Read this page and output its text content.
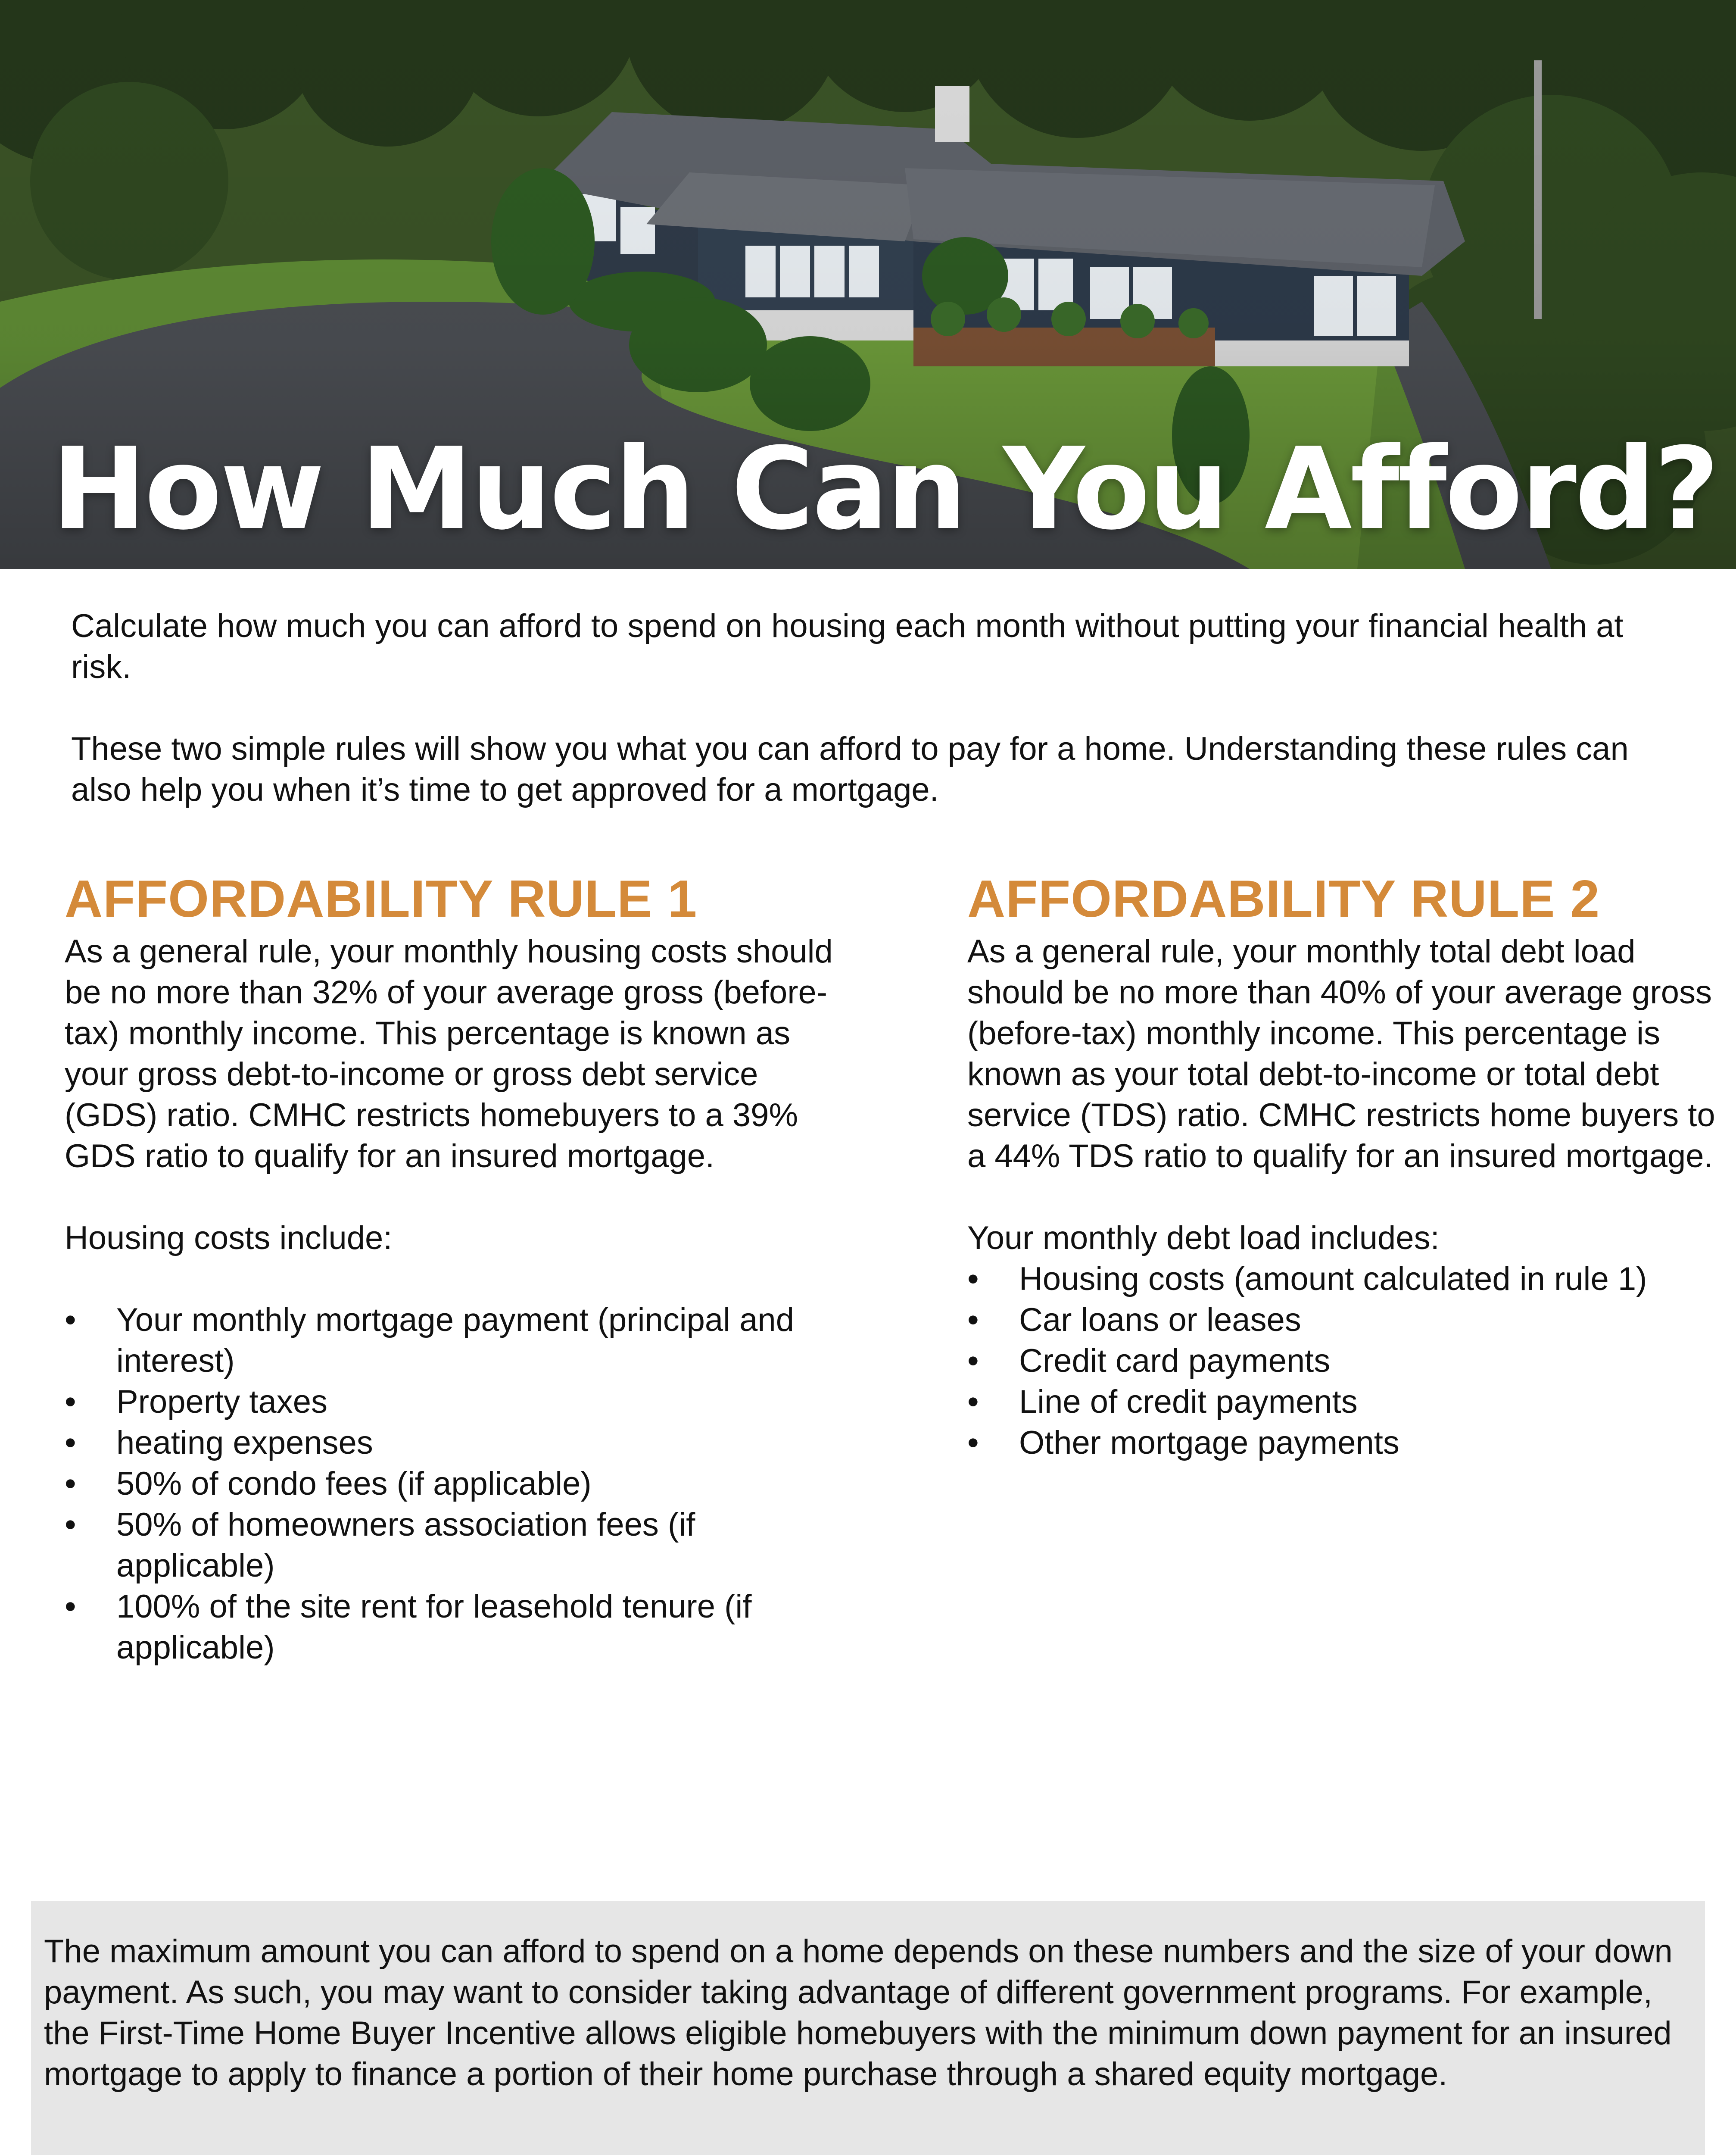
How Much Can You Afford?

Calculate how much you can afford to spend on housing each month without putting your financial health at risk.

These two simple rules will show you what you can afford to pay for a home. Understanding these rules can also help you when it’s time to get approved for a mortgage.

AFFORDABILITY RULE 1

As a general rule, your monthly housing costs should be no more than 32% of your average gross (before-tax) monthly income. This percentage is known as your gross debt-to-income or gross debt service (GDS) ratio. CMHC restricts homebuyers to a 39% GDS ratio to qualify for an insured mortgage.

Housing costs include:

•	Your monthly mortgage payment (principal and interest)
•	Property taxes
•	heating expenses
•	50% of condo fees (if applicable)
•	50% of homeowners association fees (if applicable)
•	100% of the site rent for leasehold tenure (if applicable)
AFFORDABILITY RULE 2

As a general rule, your monthly total debt load should be no more than 40% of your average gross (before-tax) monthly income. This percentage is known as your total debt-to-income or total debt service (TDS) ratio. CMHC restricts home buyers to a 44% TDS ratio to qualify for an insured mortgage.

Your monthly debt load includes:

•	Housing costs (amount calculated in rule 1)
•	Car loans or leases
•	Credit card payments
•	Line of credit payments
•	Other mortgage payments

The maximum amount you can afford to spend on a home depends on these numbers and the size of your down payment. As such, you may want to consider taking advantage of different government programs. For example, the First-Time Home Buyer Incentive allows eligible homebuyers with the minimum down payment for an insured mortgage to apply to finance a portion of their home purchase through a shared equity mortgage.
